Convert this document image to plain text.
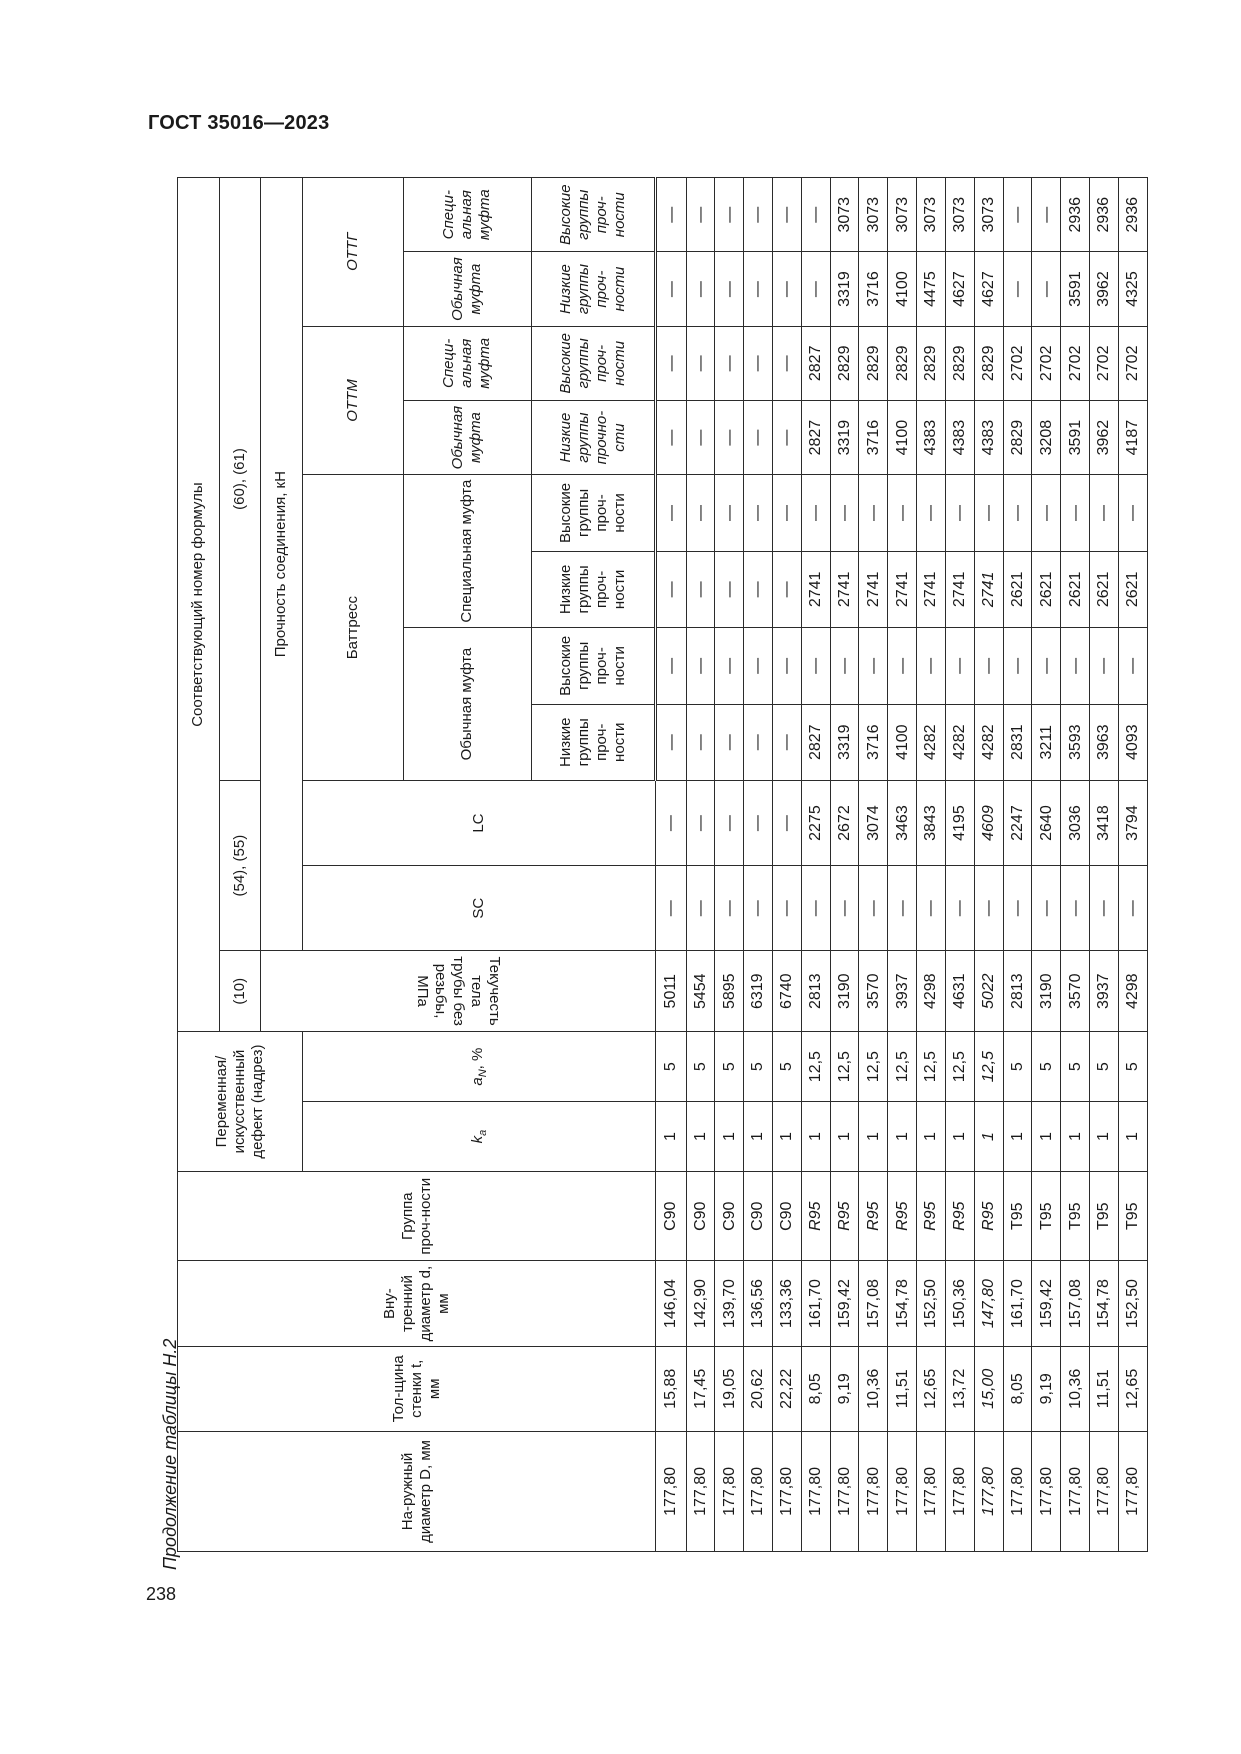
ГОСТ 35016—2023
238
Продолжение таблицы Н.2	На-ружный диаметр D, мм	Тол-щина стенки t, мм	Вну-тренний диаметр d, мм	Группа проч-ности	Переменная/ искусственный дефект (надрез)		Соответствующий номер формулы										
						(10)	(54), (55)		(60), (61)							
						Текучесть тела трубы без резьбы, МПа	Прочность соединения, кН									
				$k_a$	$a_N$, %		SC	LC	Баттресс				ОТТМ		ОТТГ	
									Обычная муфта		Специальная муфта		Обычная муфта	Специ-альная муфта	Обычная муфта	Специ-альная муфта
									Низкие группы проч-ности	Высокие группы проч-ности	Низкие группы проч-ности	Высокие группы проч-ности	Низкие группы прочно-сти	Высокие группы проч-ности	Низкие группы проч-ности	Высокие группы проч-ности
177,80	15,88	146,04	C90	1	5	5011	—	—	—	—	—	—	—	—	—	—
177,80	17,45	142,90	C90	1	5	5454	—	—	—	—	—	—	—	—	—	—
177,80	19,05	139,70	C90	1	5	5895	—	—	—	—	—	—	—	—	—	—
177,80	20,62	136,56	C90	1	5	6319	—	—	—	—	—	—	—	—	—	—
177,80	22,22	133,36	C90	1	5	6740	—	—	—	—	—	—	—	—	—	—
177,80	8,05	161,70	R95	1	12,5	2813	—	2275	2827	—	2741	—	2827	2827	—	—
177,80	9,19	159,42	R95	1	12,5	3190	—	2672	3319	—	2741	—	3319	2829	3319	3073
177,80	10,36	157,08	R95	1	12,5	3570	—	3074	3716	—	2741	—	3716	2829	3716	3073
177,80	11,51	154,78	R95	1	12,5	3937	—	3463	4100	—	2741	—	4100	2829	4100	3073
177,80	12,65	152,50	R95	1	12,5	4298	—	3843	4282	—	2741	—	4383	2829	4475	3073
177,80	13,72	150,36	R95	1	12,5	4631	—	4195	4282	—	2741	—	4383	2829	4627	3073
177,80	15,00	147,80	R95	1	12,5	5022	—	4609	4282	—	2741	—	4383	2829	4627	3073
177,80	8,05	161,70	T95	1	5	2813	—	2247	2831	—	2621	—	2829	2702	—	—
177,80	9,19	159,42	T95	1	5	3190	—	2640	3211	—	2621	—	3208	2702	—	—
177,80	10,36	157,08	T95	1	5	3570	—	3036	3593	—	2621	—	3591	2702	3591	2936
177,80	11,51	154,78	T95	1	5	3937	—	3418	3963	—	2621	—	3962	2702	3962	2936
177,80	12,65	152,50	T95	1	5	4298	—	3794	4093	—	2621	—	4187	2702	4325	2936
